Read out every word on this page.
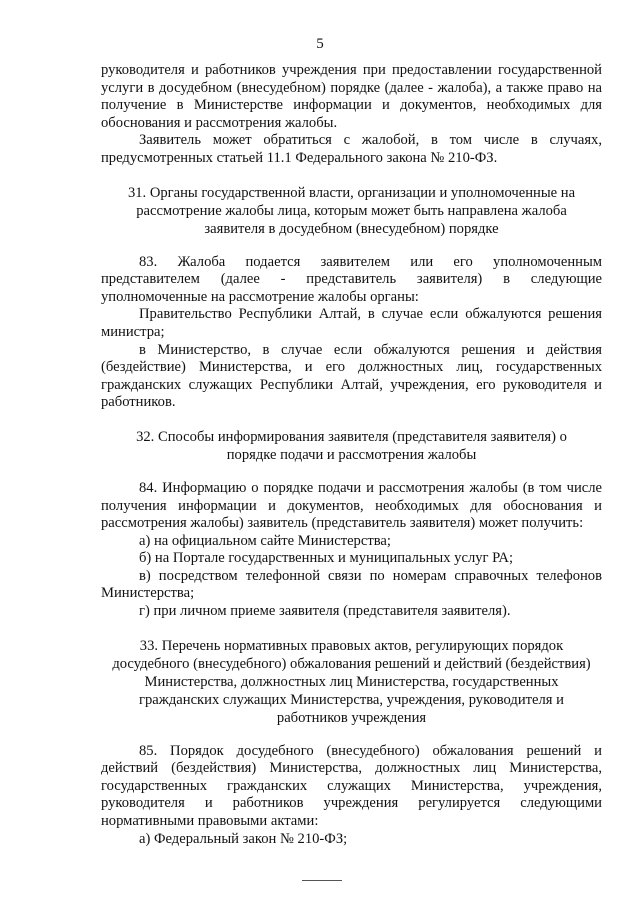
5

руководителя и работников учреждения при предоставлении государственной услуги в досудебном (внесудебном) порядке (далее - жалоба), а также право на получение в Министерстве информации и документов, необходимых для обоснования и рассмотрения жалобы.

Заявитель может обратиться с жалобой, в том числе в случаях, предусмотренных статьей 11.1 Федерального закона № 210-ФЗ.

31. Органы государственной власти, организации и уполномоченные на рассмотрение жалобы лица, которым может быть направлена жалоба заявителя в досудебном (внесудебном) порядке

83. Жалоба подается заявителем или его уполномоченным представителем (далее - представитель заявителя) в следующие уполномоченные на рассмотрение жалобы органы:

Правительство Республики Алтай, в случае если обжалуются решения министра;

в Министерство, в случае если обжалуются решения и действия (бездействие) Министерства, и его должностных лиц, государственных гражданских служащих Республики Алтай, учреждения, его руководителя и работников.

32. Способы информирования заявителя (представителя заявителя) о порядке подачи и рассмотрения жалобы

84. Информацию о порядке подачи и рассмотрения жалобы (в том числе получения информации и документов, необходимых для обоснования и рассмотрения жалобы) заявитель (представитель заявителя) может получить:

а) на официальном сайте Министерства;

б) на Портале государственных и муниципальных услуг РА;

в) посредством телефонной связи по номерам справочных телефонов Министерства;

г) при личном приеме заявителя (представителя заявителя).

33. Перечень нормативных правовых актов, регулирующих порядок досудебного (внесудебного) обжалования решений и действий (бездействия) Министерства, должностных лиц Министерства, государственных гражданских служащих Министерства, учреждения, руководителя и работников учреждения

85. Порядок досудебного (внесудебного) обжалования решений и действий (бездействия) Министерства, должностных лиц Министерства, государственных гражданских служащих Министерства, учреждения, руководителя и работников учреждения регулируется следующими нормативными правовыми актами:

а) Федеральный закон № 210-ФЗ;
